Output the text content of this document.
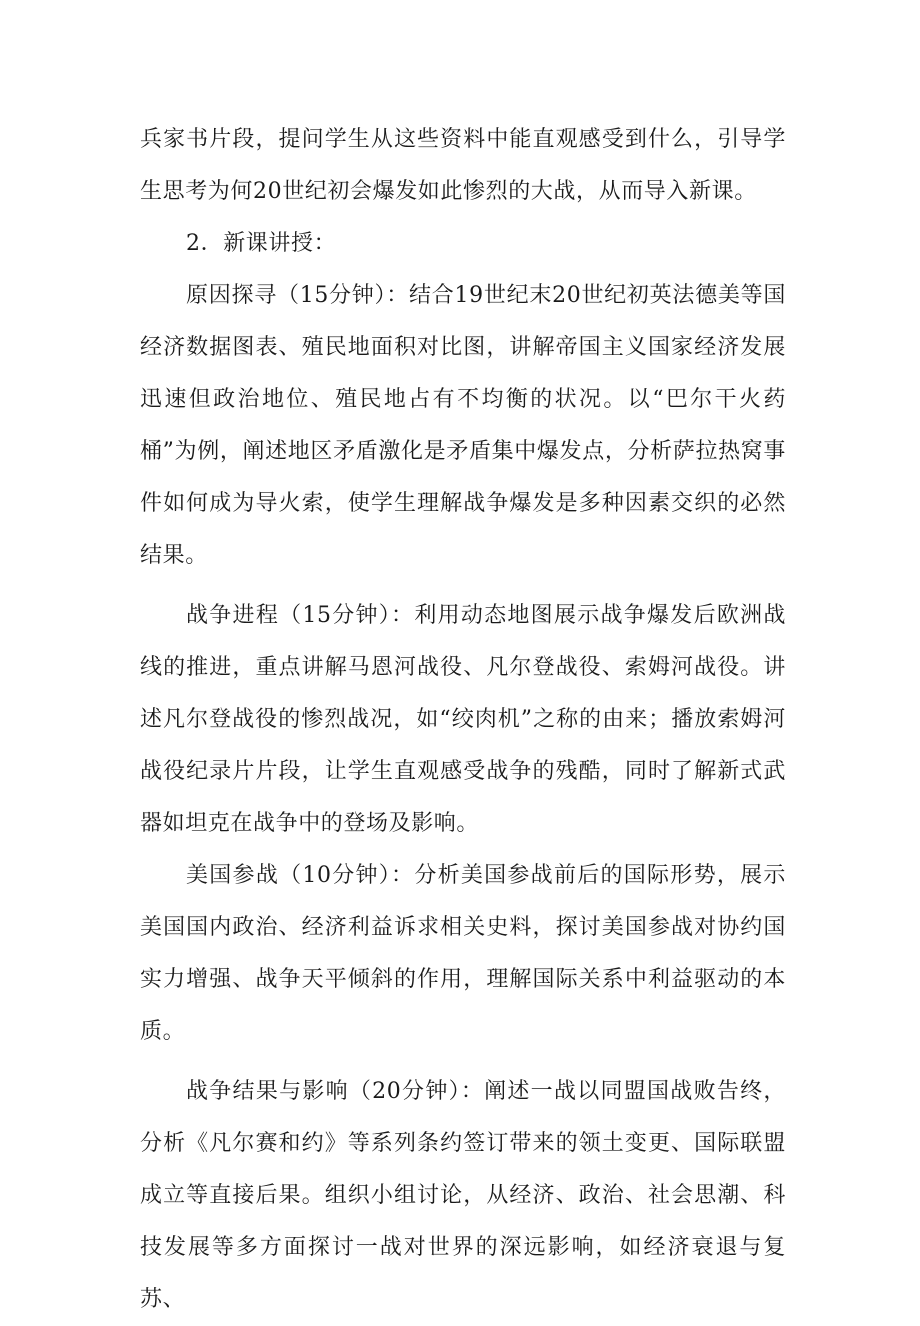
兵家书片段，提问学生从这些资料中能直观感受到什么，引导学生思考为何20世纪初会爆发如此惨烈的大战，从而导入新课。

2．新课讲授：

原因探寻（15分钟）：结合19世纪末20世纪初英法德美等国经济数据图表、殖民地面积对比图，讲解帝国主义国家经济发展迅速但政治地位、殖民地占有不均衡的状况。以“巴尔干火药桶”为例，阐述地区矛盾激化是矛盾集中爆发点，分析萨拉热窝事件如何成为导火索，使学生理解战争爆发是多种因素交织的必然结果。

战争进程（15分钟）：利用动态地图展示战争爆发后欧洲战线的推进，重点讲解马恩河战役、凡尔登战役、索姆河战役。讲述凡尔登战役的惨烈战况，如“绞肉机”之称的由来；播放索姆河战役纪录片片段，让学生直观感受战争的残酷，同时了解新式武器如坦克在战争中的登场及影响。

美国参战（10分钟）：分析美国参战前后的国际形势，展示美国国内政治、经济利益诉求相关史料，探讨美国参战对协约国实力增强、战争天平倾斜的作用，理解国际关系中利益驱动的本质。

战争结果与影响（20分钟）：阐述一战以同盟国战败告终，分析《凡尔赛和约》等系列条约签订带来的领土变更、国际联盟成立等直接后果。组织小组讨论，从经济、政治、社会思潮、科技发展等多方面探讨一战对世界的深远影响，如经济衰退与复苏、
